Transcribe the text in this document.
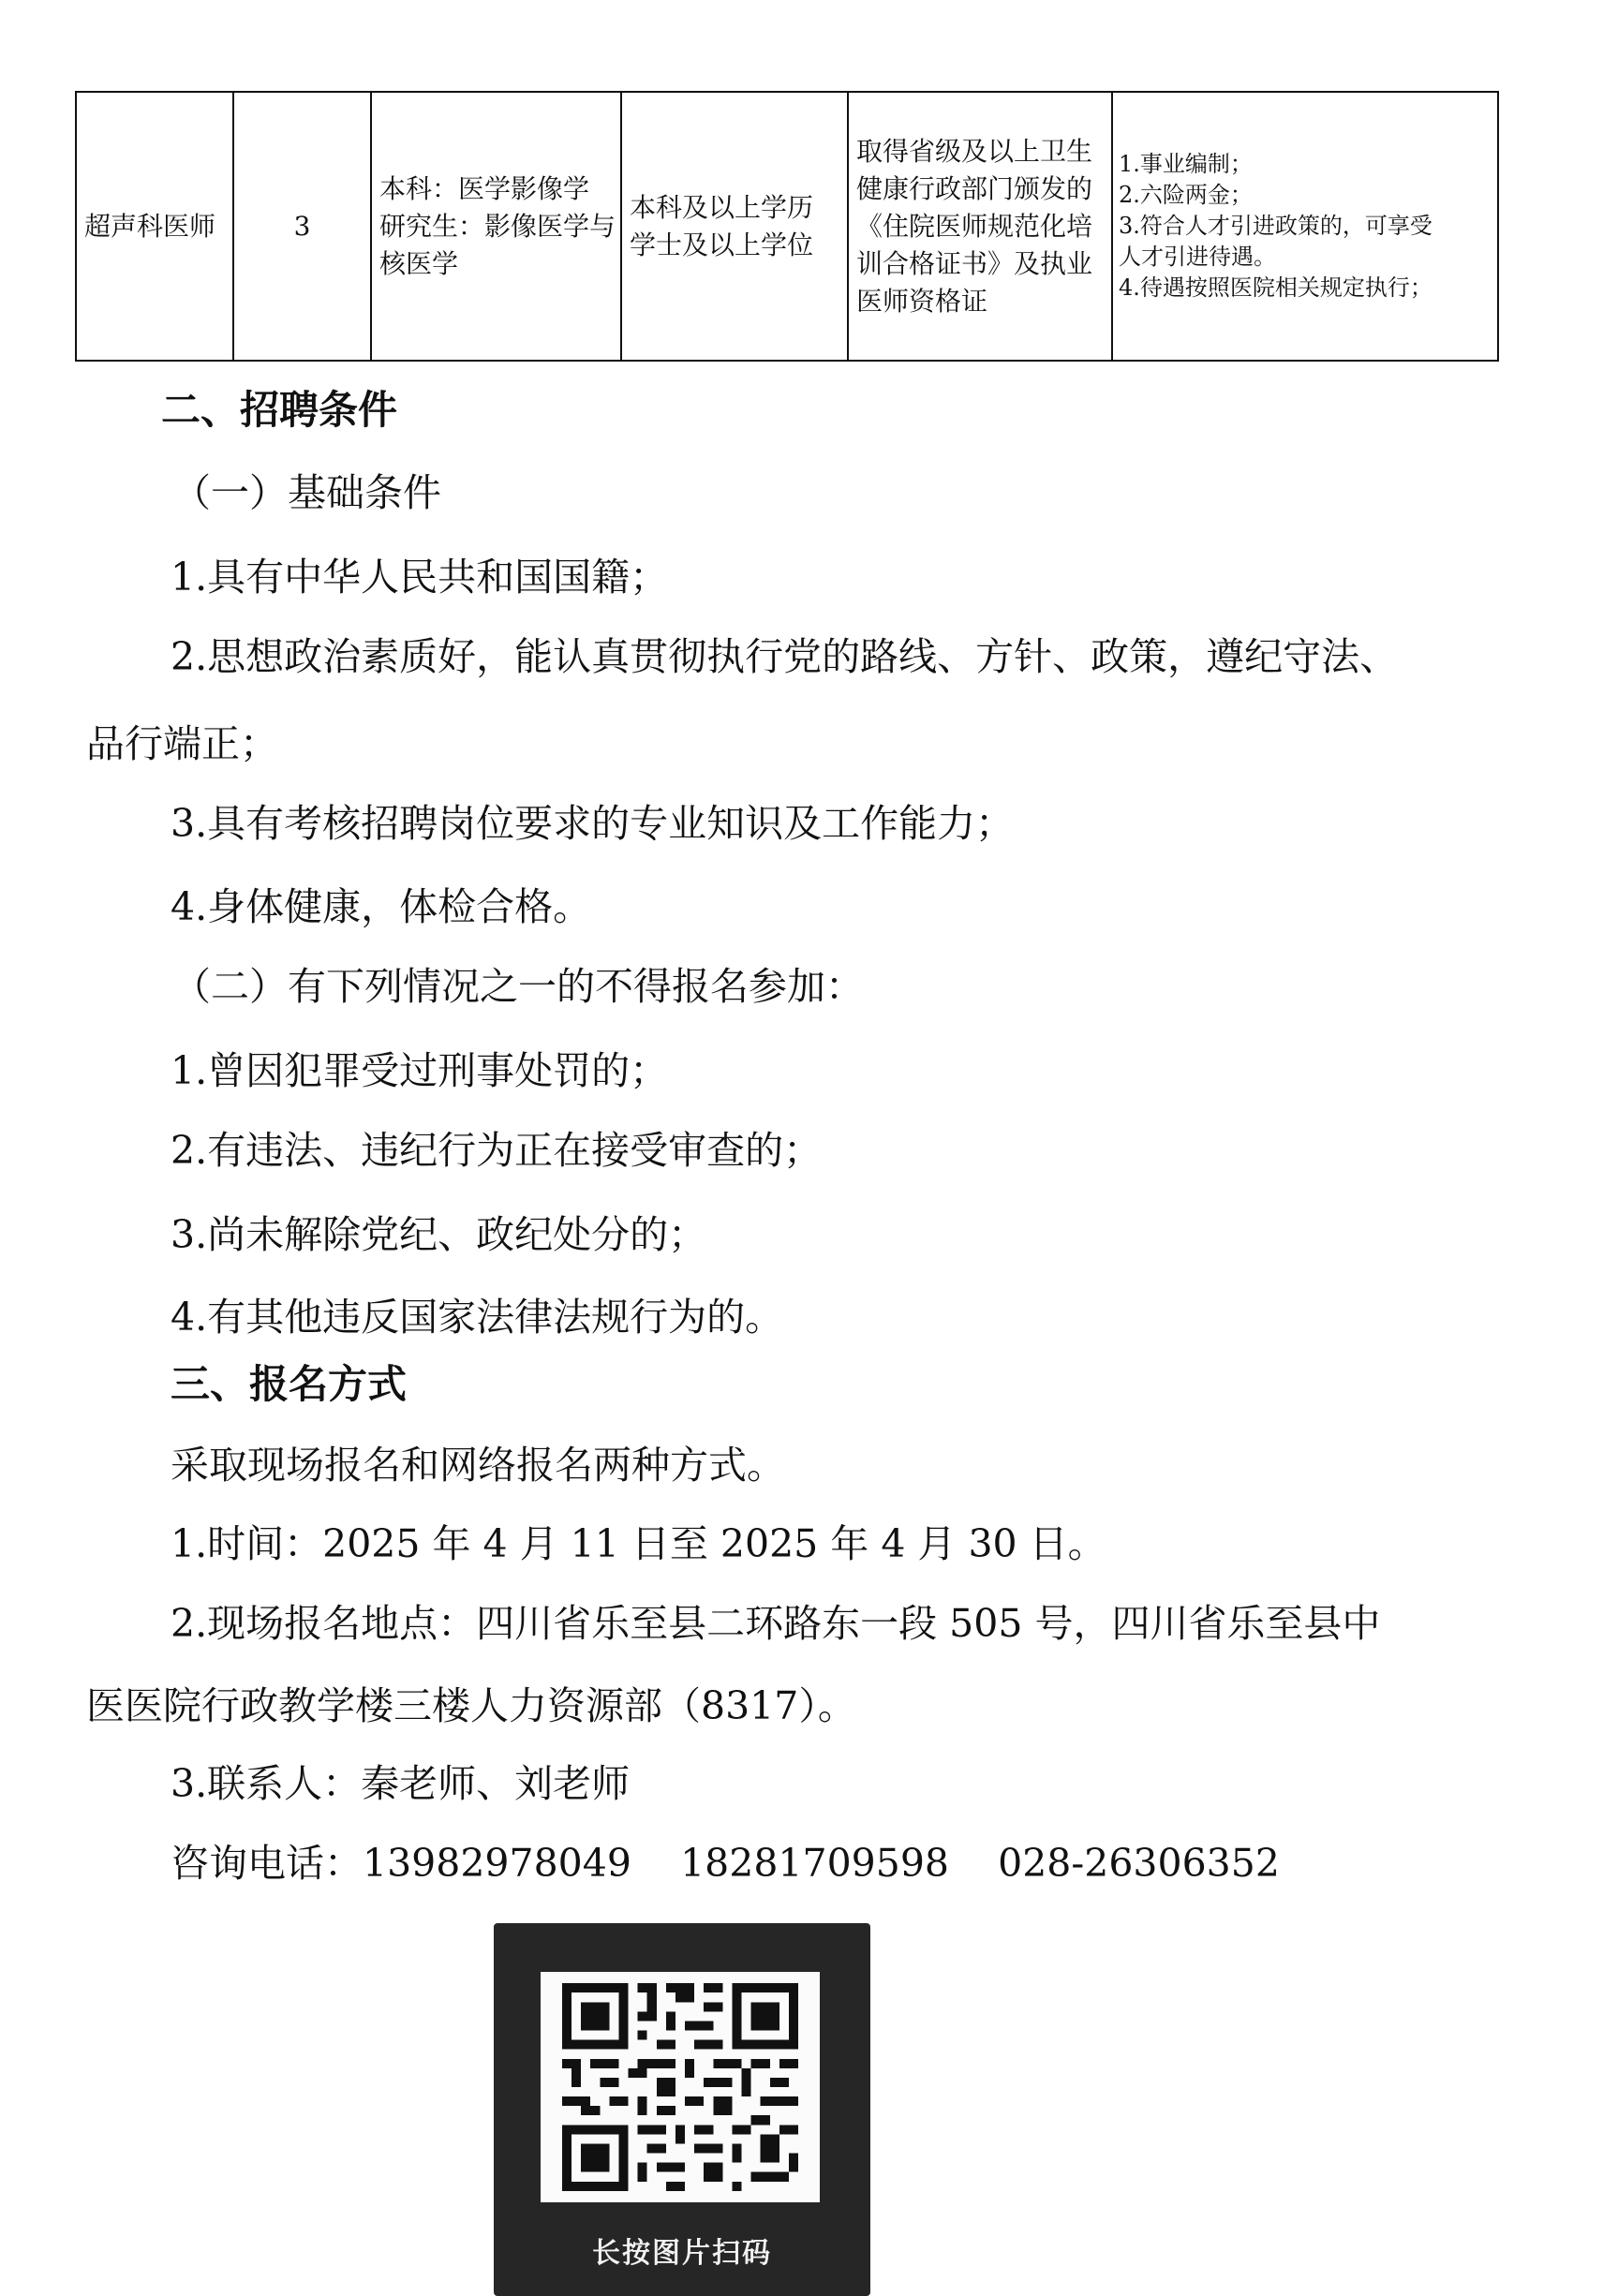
超声科医师	3	
本科：医学影像学
研究生：影像医学与
核医学

本科及以上学历
学士及以上学位

取得省级及以上卫生
健康行政部门颁发的
《住院医师规范化培
训合格证书》及执业
医师资格证

1.事业编制；
2.六险两金；
3.符合人才引进政策的，可享受
人才引进待遇。
4.待遇按照医院相关规定执行；
二、招聘条件
（一）基础条件
1.具有中华人民共和国国籍；
2.思想政治素质好，能认真贯彻执行党的路线、方针、政策，遵纪守法、
品行端正；
3.具有考核招聘岗位要求的专业知识及工作能力；
4.身体健康，体检合格。
（二）有下列情况之一的不得报名参加：
1.曾因犯罪受过刑事处罚的；
2.有违法、违纪行为正在接受审查的；
3.尚未解除党纪、政纪处分的；
4.有其他违反国家法律法规行为的。
三、报名方式
采取现场报名和网络报名两种方式。
1.时间：2025 年 4 月 11 日至 2025 年 4 月 30 日。
2.现场报名地点：四川省乐至县二环路东一段 505 号，四川省乐至县中
医医院行政教学楼三楼人力资源部（8317）。
3.联系人：秦老师、刘老师
咨询电话：13982978049    18281709598    028-26306352
长按图片扫码
